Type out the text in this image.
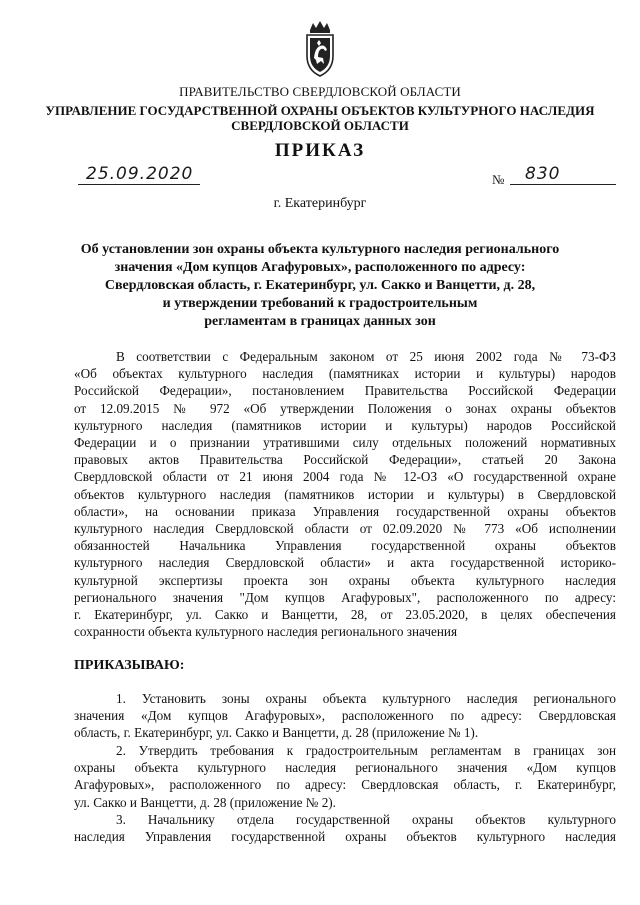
ПРАВИТЕЛЬСТВО СВЕРДЛОВСКОЙ ОБЛАСТИ
УПРАВЛЕНИЕ ГОСУДАРСТВЕННОЙ ОХРАНЫ ОБЪЕКТОВ КУЛЬТУРНОГО НАСЛЕДИЯ
СВЕРДЛОВСКОЙ ОБЛАСТИ
ПРИКАЗ
25.09.2020	№ 830
г. Екатеринбург
Об установлении зон охраны объекта культурного наследия регионального
значения «Дом купцов Агафуровых», расположенного по адресу:
Свердловская область, г. Екатеринбург, ул. Сакко и Ванцетти, д. 28,
и утверждении требований к градостроительным
регламентам в границах данных зон
В соответствии с Федеральным законом от 25 июня 2002 года № 73-ФЗ
«Об объектах культурного наследия (памятниках истории и культуры) народов
Российской Федерации», постановлением Правительства Российской Федерации
от 12.09.2015 № 972 «Об утверждении Положения о зонах охраны объектов
культурного наследия (памятников истории и культуры) народов Российской
Федерации и о признании утратившими силу отдельных положений нормативных
правовых актов Правительства Российской Федерации», статьей 20 Закона
Свердловской области от 21 июня 2004 года № 12-ОЗ «О государственной охране
объектов культурного наследия (памятников истории и культуры) в Свердловской
области», на основании приказа Управления государственной охраны объектов
культурного наследия Свердловской области от 02.09.2020 № 773 «Об исполнении
обязанностей Начальника Управления государственной охраны объектов
культурного наследия Свердловской области» и акта государственной историко-
культурной экспертизы проекта зон охраны объекта культурного наследия
регионального значения "Дом купцов Агафуровых", расположенного по адресу:
г. Екатеринбург, ул. Сакко и Ванцетти, 28, от 23.05.2020, в целях обеспечения
сохранности объекта культурного наследия регионального значения
ПРИКАЗЫВАЮ:
1. Установить зоны охраны объекта культурного наследия регионального
значения «Дом купцов Агафуровых», расположенного по адресу: Свердловская
область, г. Екатеринбург, ул. Сакко и Ванцетти, д. 28 (приложение № 1).
2. Утвердить требования к градостроительным регламентам в границах зон
охраны объекта культурного наследия регионального значения «Дом купцов
Агафуровых», расположенного по адресу: Свердловская область, г. Екатеринбург,
ул. Сакко и Ванцетти, д. 28 (приложение № 2).
3. Начальнику отдела государственной охраны объектов культурного
наследия Управления государственной охраны объектов культурного наследия
